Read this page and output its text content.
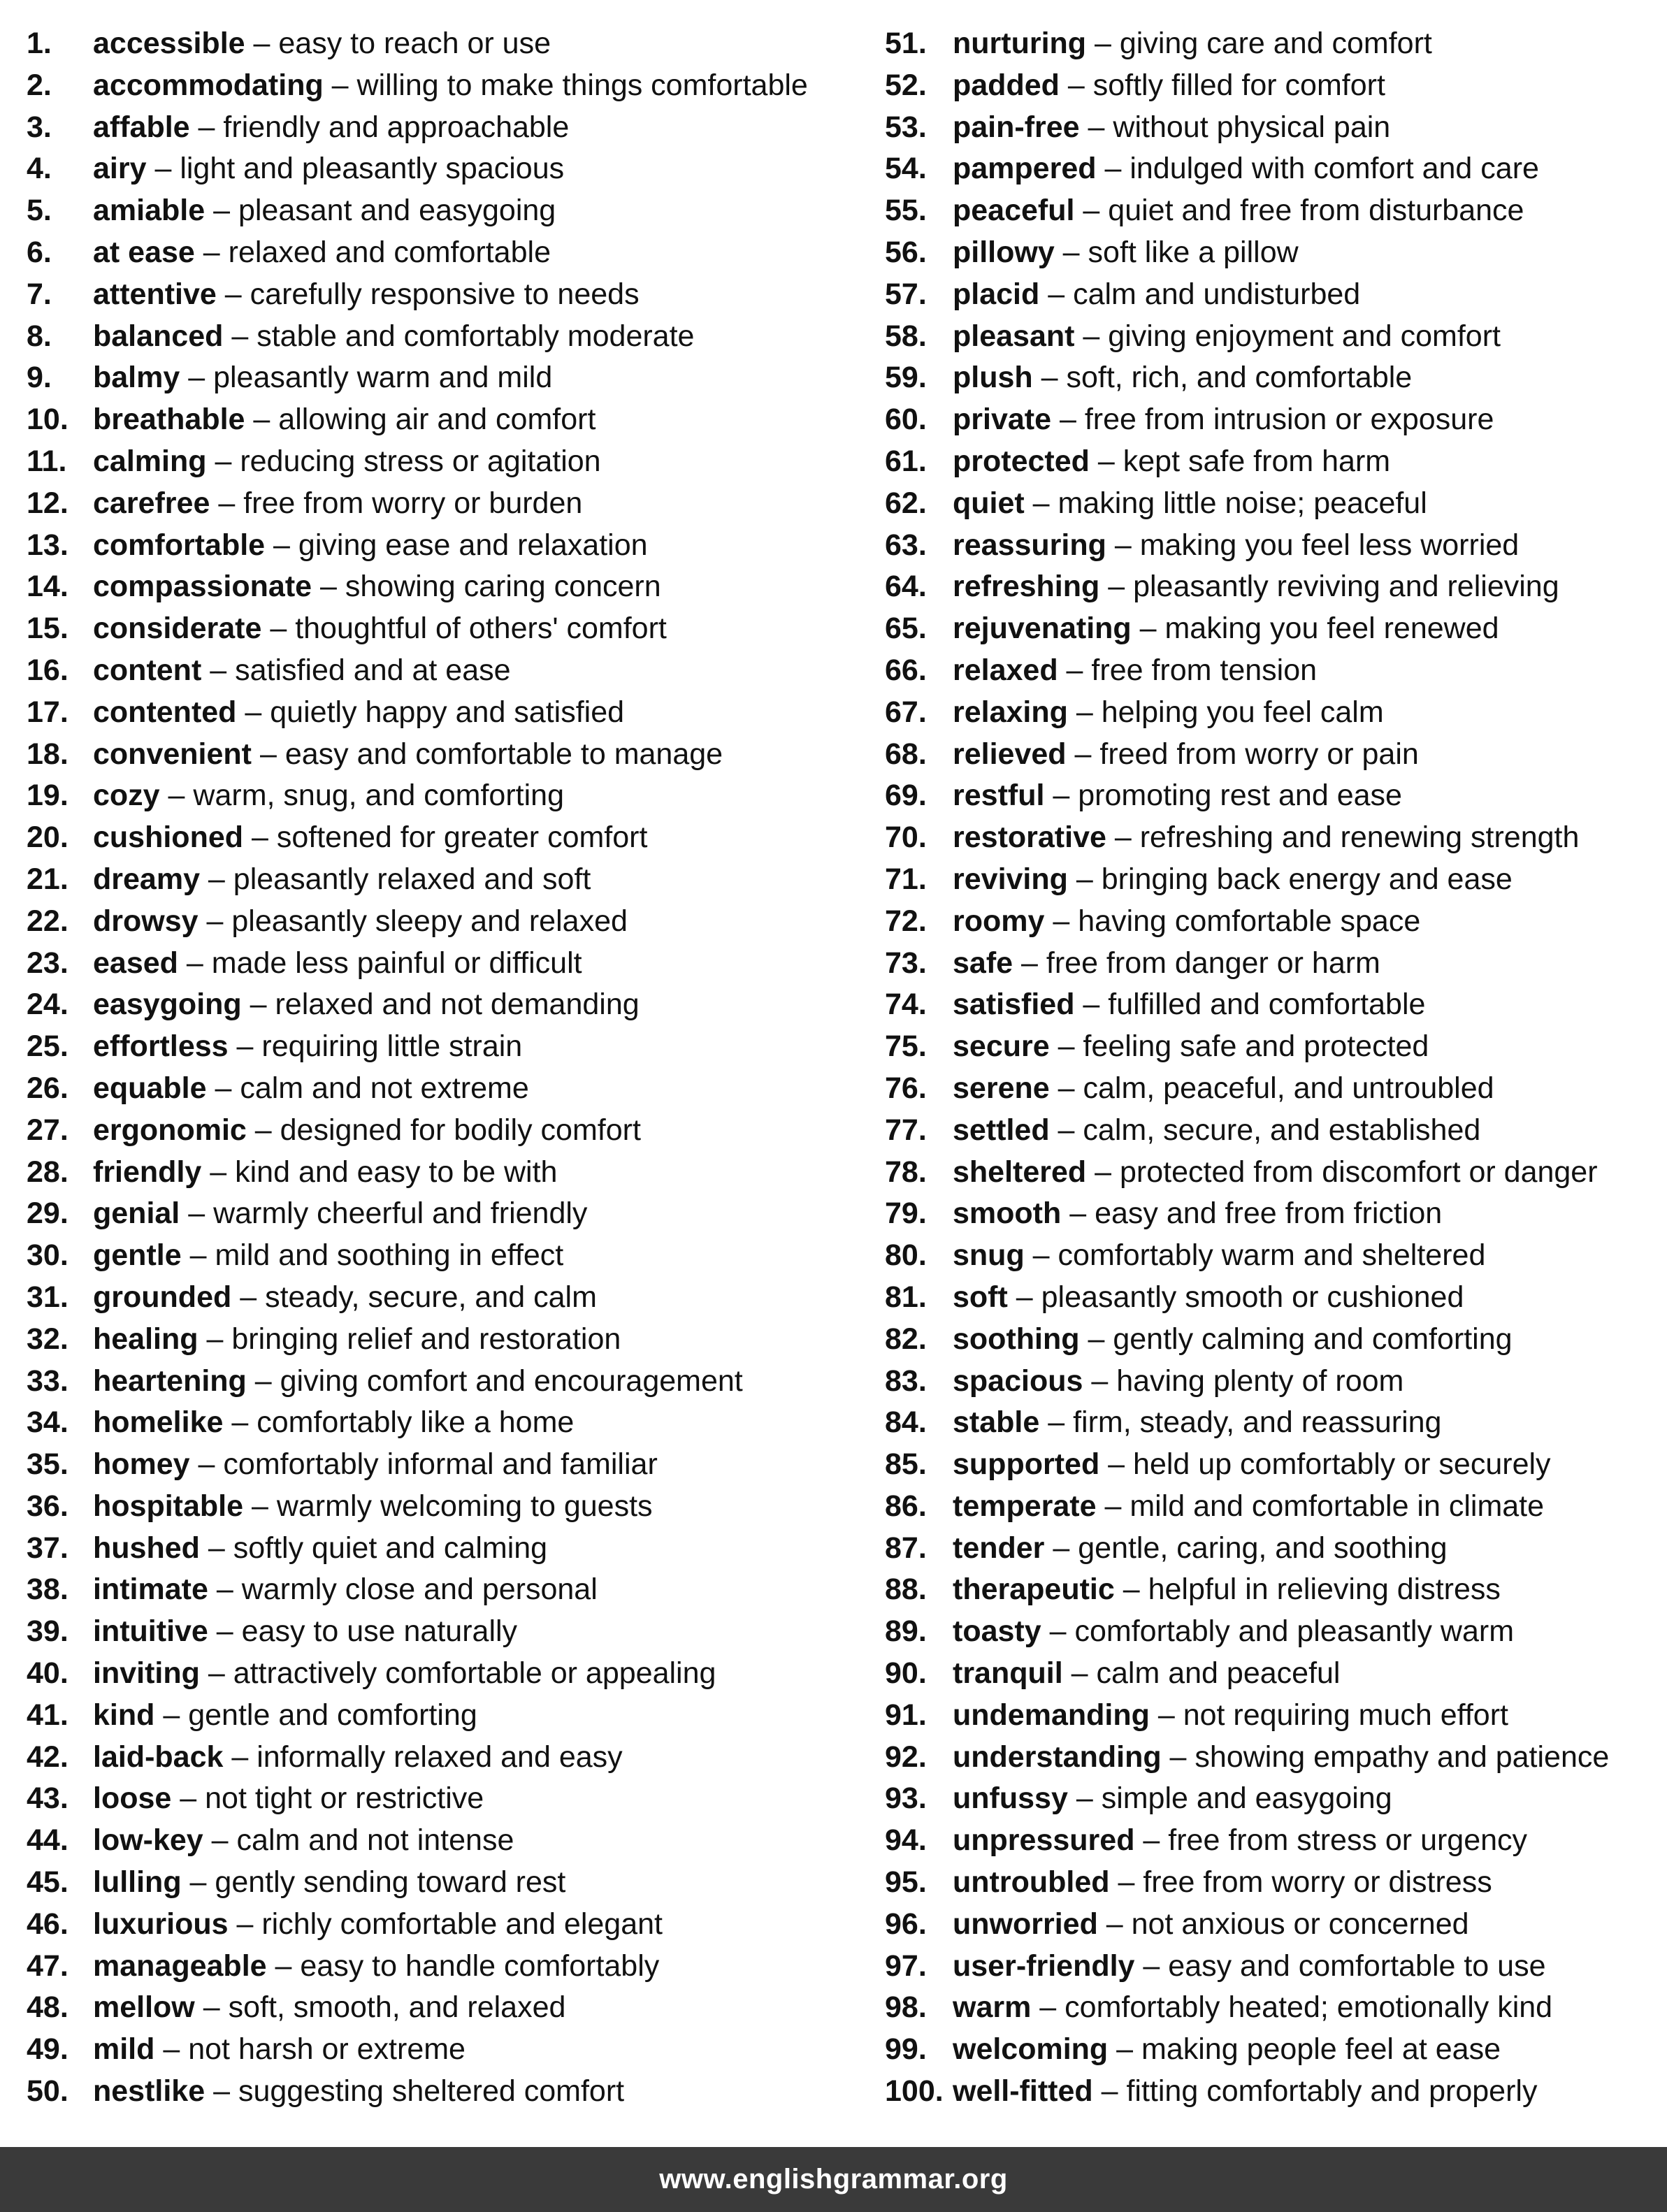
1.	accessible – easy to reach or use
2.	accommodating – willing to make things comfortable
3.	affable – friendly and approachable
4.	airy – light and pleasantly spacious
5.	amiable – pleasant and easygoing
6.	at ease – relaxed and comfortable
7.	attentive – carefully responsive to needs
8.	balanced – stable and comfortably moderate
9.	balmy – pleasantly warm and mild
10. breathable – allowing air and comfort
11. calming – reducing stress or agitation
12. carefree – free from worry or burden
13. comfortable – giving ease and relaxation
14. compassionate – showing caring concern
15. considerate – thoughtful of others' comfort
16. content – satisfied and at ease
17. contented – quietly happy and satisfied
18. convenient – easy and comfortable to manage
19. cozy – warm, snug, and comforting
20. cushioned – softened for greater comfort
21. dreamy – pleasantly relaxed and soft
22. drowsy – pleasantly sleepy and relaxed
23. eased – made less painful or difficult
24. easygoing – relaxed and not demanding
25. effortless – requiring little strain
26. equable – calm and not extreme
27. ergonomic – designed for bodily comfort
28. friendly – kind and easy to be with
29. genial – warmly cheerful and friendly
30. gentle – mild and soothing in effect
31. grounded – steady, secure, and calm
32. healing – bringing relief and restoration
33. heartening – giving comfort and encouragement
34. homelike – comfortably like a home
35. homey – comfortably informal and familiar
36. hospitable – warmly welcoming to guests
37. hushed – softly quiet and calming
38. intimate – warmly close and personal
39. intuitive – easy to use naturally
40. inviting – attractively comfortable or appealing
41. kind – gentle and comforting
42. laid-back – informally relaxed and easy
43. loose – not tight or restrictive
44. low-key – calm and not intense
45. lulling – gently sending toward rest
46. luxurious – richly comfortable and elegant
47. manageable – easy to handle comfortably
48. mellow – soft, smooth, and relaxed
49. mild – not harsh or extreme
50. nestlike – suggesting sheltered comfort
51. nurturing – giving care and comfort
52. padded – softly filled for comfort
53. pain-free – without physical pain
54. pampered – indulged with comfort and care
55. peaceful – quiet and free from disturbance
56. pillowy – soft like a pillow
57. placid – calm and undisturbed
58. pleasant – giving enjoyment and comfort
59. plush – soft, rich, and comfortable
60. private – free from intrusion or exposure
61. protected – kept safe from harm
62. quiet – making little noise; peaceful
63. reassuring – making you feel less worried
64. refreshing – pleasantly reviving and relieving
65. rejuvenating – making you feel renewed
66. relaxed – free from tension
67. relaxing – helping you feel calm
68. relieved – freed from worry or pain
69. restful – promoting rest and ease
70. restorative – refreshing and renewing strength
71. reviving – bringing back energy and ease
72. roomy – having comfortable space
73. safe – free from danger or harm
74. satisfied – fulfilled and comfortable
75. secure – feeling safe and protected
76. serene – calm, peaceful, and untroubled
77. settled – calm, secure, and established
78. sheltered – protected from discomfort or danger
79. smooth – easy and free from friction
80. snug – comfortably warm and sheltered
81. soft – pleasantly smooth or cushioned
82. soothing – gently calming and comforting
83. spacious – having plenty of room
84. stable – firm, steady, and reassuring
85. supported – held up comfortably or securely
86. temperate – mild and comfortable in climate
87. tender – gentle, caring, and soothing
88. therapeutic – helpful in relieving distress
89. toasty – comfortably and pleasantly warm
90. tranquil – calm and peaceful
91. undemanding – not requiring much effort
92. understanding – showing empathy and patience
93. unfussy – simple and easygoing
94. unpressured – free from stress or urgency
95. untroubled – free from worry or distress
96. unworried – not anxious or concerned
97. user-friendly – easy and comfortable to use
98. warm – comfortably heated; emotionally kind
99. welcoming – making people feel at ease
100. well-fitted – fitting comfortably and properly
www.englishgrammar.org
